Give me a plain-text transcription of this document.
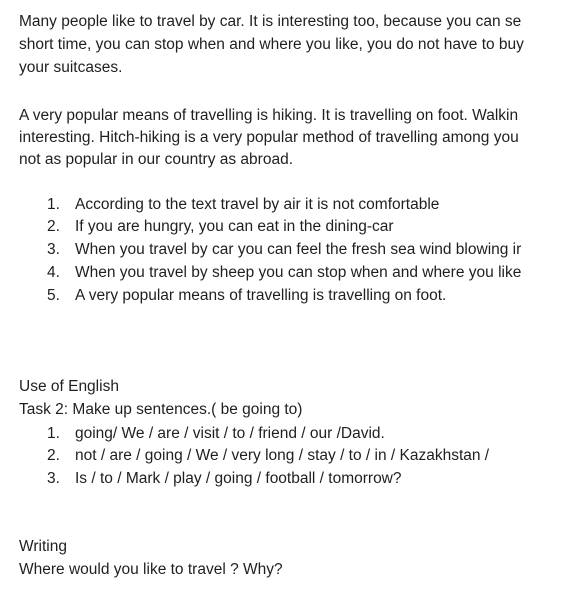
Many people like to travel by car. It is interesting too, because you can se
short time, you can stop when and where you like, you do not have to buy
your suitcases.
A very popular means of travelling is hiking. It is travelling on foot. Walkin
interesting. Hitch-hiking is a very popular method of travelling among you
not as popular in our country as abroad.
1. According to the text travel by air it is not comfortable
2. If you are hungry, you can eat in the dining-car
3. When you travel by car you can feel the fresh sea wind blowing ir
4. When you travel by sheep you can stop when and where you like
5. A very popular means of travelling is travelling on foot.
Use of English
Task 2: Make up sentences.( be going to)
1. going/ We / are / visit / to / friend / our /David.
2. not / are / going / We / very long / stay / to / in / Kazakhstan /
3. Is / to / Mark / play / going / football / tomorrow?
Writing
Where would you like to travel ? Why?
